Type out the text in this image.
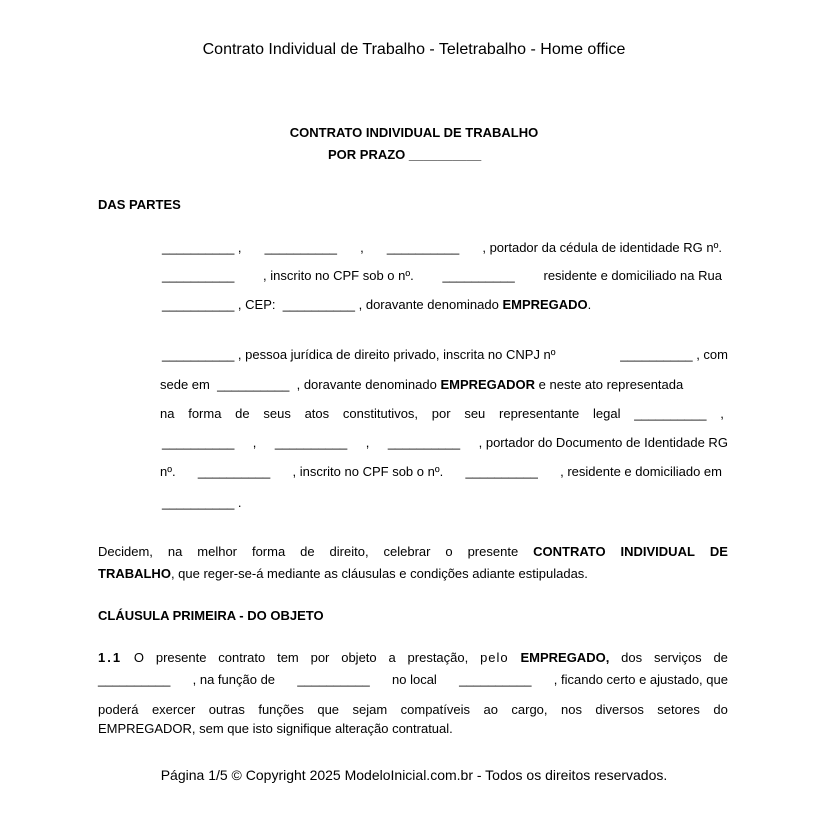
Contrato Individual de Trabalho - Teletrabalho - Home office
CONTRATO INDIVIDUAL DE TRABALHO
POR PRAZO __________
DAS PARTES
__________ , __________ , __________ , portador da cédula de identidade RG nº.
__________ , inscrito no CPF sob o nº. __________ residente e domiciliado na Rua
__________ , CEP:  __________ , doravante denominado EMPREGADO.
__________ , pessoa jurídica de direito privado, inscrita no CNPJ nº	__________ , com
sede em  __________  , doravante denominado EMPREGADOR e neste ato representada
na forma de seus atos constitutivos, por seu representante legal __________ ,
__________ , __________ , __________ , portador do Documento de Identidade RG
nº. __________ , inscrito no CPF sob o nº. __________ , residente e domiciliado em
__________ .
Decidem, na melhor forma de direito, celebrar o presente CONTRATO INDIVIDUAL DE
TRABALHO, que reger-se-á mediante as cláusulas e condições adiante estipuladas.
CLÁUSULA PRIMEIRA - DO OBJETO
1.1 O presente contrato tem por objeto a prestação, pelo EMPREGADO, dos serviços de
__________ , na função de __________ no local __________ , ficando certo e ajustado, que
poderá exercer outras funções que sejam compatíveis ao cargo, nos diversos setores do
EMPREGADOR, sem que isto signifique alteração contratual.
Página 1/5 © Copyright 2025 ModeloInicial.com.br - Todos os direitos reservados.
